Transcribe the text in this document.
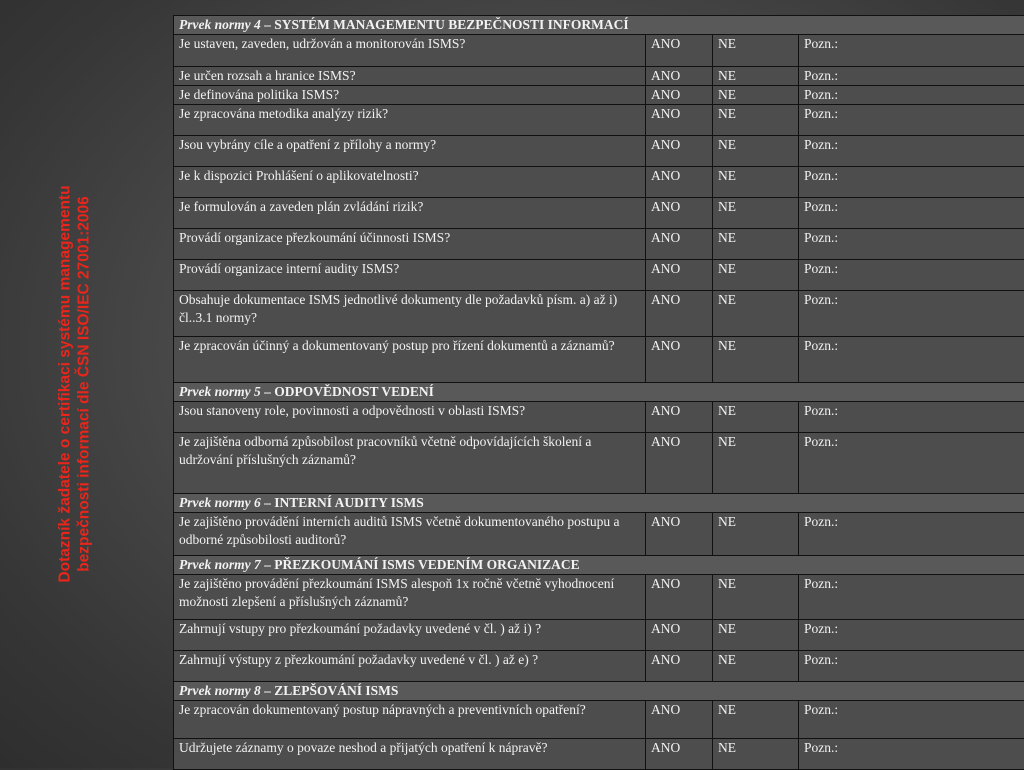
Dotazník žadatele o certifikaci systému managementu bezpečnosti informací dle ČSN ISO/IEC 27001:2006
Prvek normy 4 – SYSTÉM MANAGEMENTU BEZPEČNOSTI INFORMACÍ			
Je ustaven, zaveden, udržován a monitorován ISMS?	ANO	NE	Pozn.:
Je určen rozsah a hranice ISMS?	ANO	NE	Pozn.:
Je definována politika ISMS?	ANO	NE	Pozn.:
Je zpracována metodika analýzy rizik?	ANO	NE	Pozn.:
Jsou vybrány cíle a opatření z přílohy a normy?	ANO	NE	Pozn.:
Je k dispozici Prohlášení o aplikovatelnosti?	ANO	NE	Pozn.:
Je formulován a zaveden plán zvládání rizik?	ANO	NE	Pozn.:
Provádí organizace přezkoumání účinnosti ISMS?	ANO	NE	Pozn.:
Provádí organizace interní audity ISMS?	ANO	NE	Pozn.:
Obsahuje dokumentace ISMS jednotlivé dokumenty dle požadavků písm. a) až i) čl..3.1 normy?	ANO	NE	Pozn.:
Je zpracován účinný a dokumentovaný postup pro řízení dokumentů a záznamů?	ANO	NE	Pozn.:
Prvek normy 5 – ODPOVĚDNOST VEDENÍ			
Jsou stanoveny role, povinnosti a odpovědnosti v oblasti ISMS?	ANO	NE	Pozn.:
Je zajištěna odborná způsobilost pracovníků včetně odpovídajících školení a udržování příslušných záznamů?	ANO	NE	Pozn.:
Prvek normy 6 – INTERNÍ AUDITY ISMS			
Je zajištěno provádění interních auditů ISMS včetně dokumentovaného postupu a odborné způsobilosti auditorů?	ANO	NE	Pozn.:
Prvek normy 7 – PŘEZKOUMÁNÍ ISMS VEDENÍM ORGANIZACE			
Je zajištěno provádění přezkoumání ISMS alespoň 1x ročně včetně vyhodnocení možnosti zlepšení a příslušných záznamů?	ANO	NE	Pozn.:
Zahrnují vstupy pro přezkoumání požadavky uvedené v čl. ) až i) ?	ANO	NE	Pozn.:
Zahrnují výstupy z přezkoumání požadavky uvedené v čl. ) až e) ?	ANO	NE	Pozn.:
Prvek normy 8 – ZLEPŠOVÁNÍ ISMS			
Je zpracován dokumentovaný postup nápravných a preventivních opatření?	ANO	NE	Pozn.:
Udržujete záznamy o povaze neshod a přijatých opatření k nápravě?	ANO	NE	Pozn.:
